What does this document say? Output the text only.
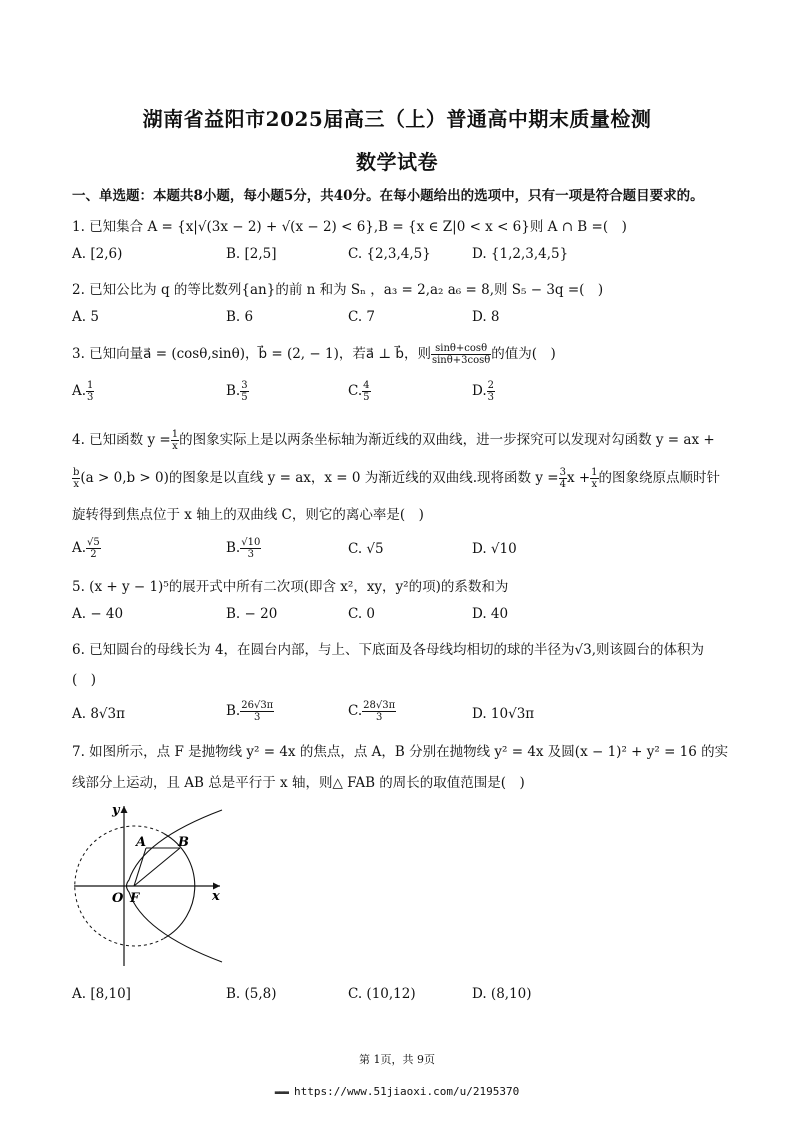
湖南省益阳市2025届高三（上）普通高中期末质量检测
数学试卷
一、单选题：本题共8小题，每小题5分，共40分。在每小题给出的选项中，只有一项是符合题目要求的。
1. 已知集合 A = {x|√(3x − 2) + √(x − 2) < 6},B = {x ∈ Z|0 < x < 6}则 A ∩ B =(　)
A. [2,6)	B. [2,5]	C. {2,3,4,5}	D. {1,2,3,4,5}
2. 已知公比为 q 的等比数列{an}的前 n 和为 Sₙ ，a₃ = 2,a₂ a₆ = 8,则 S₅ − 3q =(　)
A. 5	B. 6	C. 7	D. 8
3. 已知向量a⃗ = (cosθ,sinθ)，b⃗ = (2, − 1)，若a⃗ ⊥ b⃗，则 $\frac{\sin\theta+\cos\theta}{\sin\theta+3\cos\theta}$ 的值为(　)
A. $\frac{1}{3}$	B. $\frac{3}{5}$	C. $\frac{4}{5}$	D. $\frac{2}{3}$
4. 已知函数 $y = \frac{1}{x}$ 的图象实际上是以两条坐标轴为渐近线的双曲线，进一步探究可以发现对勾函数 y = ax +
$\frac{b}{x} (a > 0,b > 0)$的图象是以直线 y = ax，x = 0 为渐近线的双曲线.现将函数 $y = \frac{3}{4}$ $x + \frac{1}{x}$ 的图象绕原点顺时针
旋转得到焦点位于 x 轴上的双曲线 C，则它的离心率是(　)
A. $\frac{√5}{2}$	B. $\frac{√10}{3}$	C. √5	D. √10
5. (x + y − 1)⁵的展开式中所有二次项(即含 x²，xy，y²的项)的系数和为
A. − 40	B. − 20	C. 0	D. 40
6. 已知圆台的母线长为 4，在圆台内部，与上、下底面及各母线均相切的球的半径为√3,则该圆台的体积为
(　)
A. 8√3π	B. $\frac{26√3\pi}{3}$	C. $\frac{28√3\pi}{3}$	D. 10√3π
7. 如图所示，点 F 是抛物线 y² = 4x 的焦点，点 A，B 分别在抛物线 y² = 4x 及圆(x − 1)² + y² = 16 的实
线部分上运动，且 AB 总是平行于 x 轴，则△ FAB 的周长的取值范围是(　)
y
x
O F
A B
A. [8,10]	B. (5,8)	C. (10,12)	D. (8,10)
第 1页，共 9页
▬▬▬ https://www.51jiaoxi.com/u/2195370
